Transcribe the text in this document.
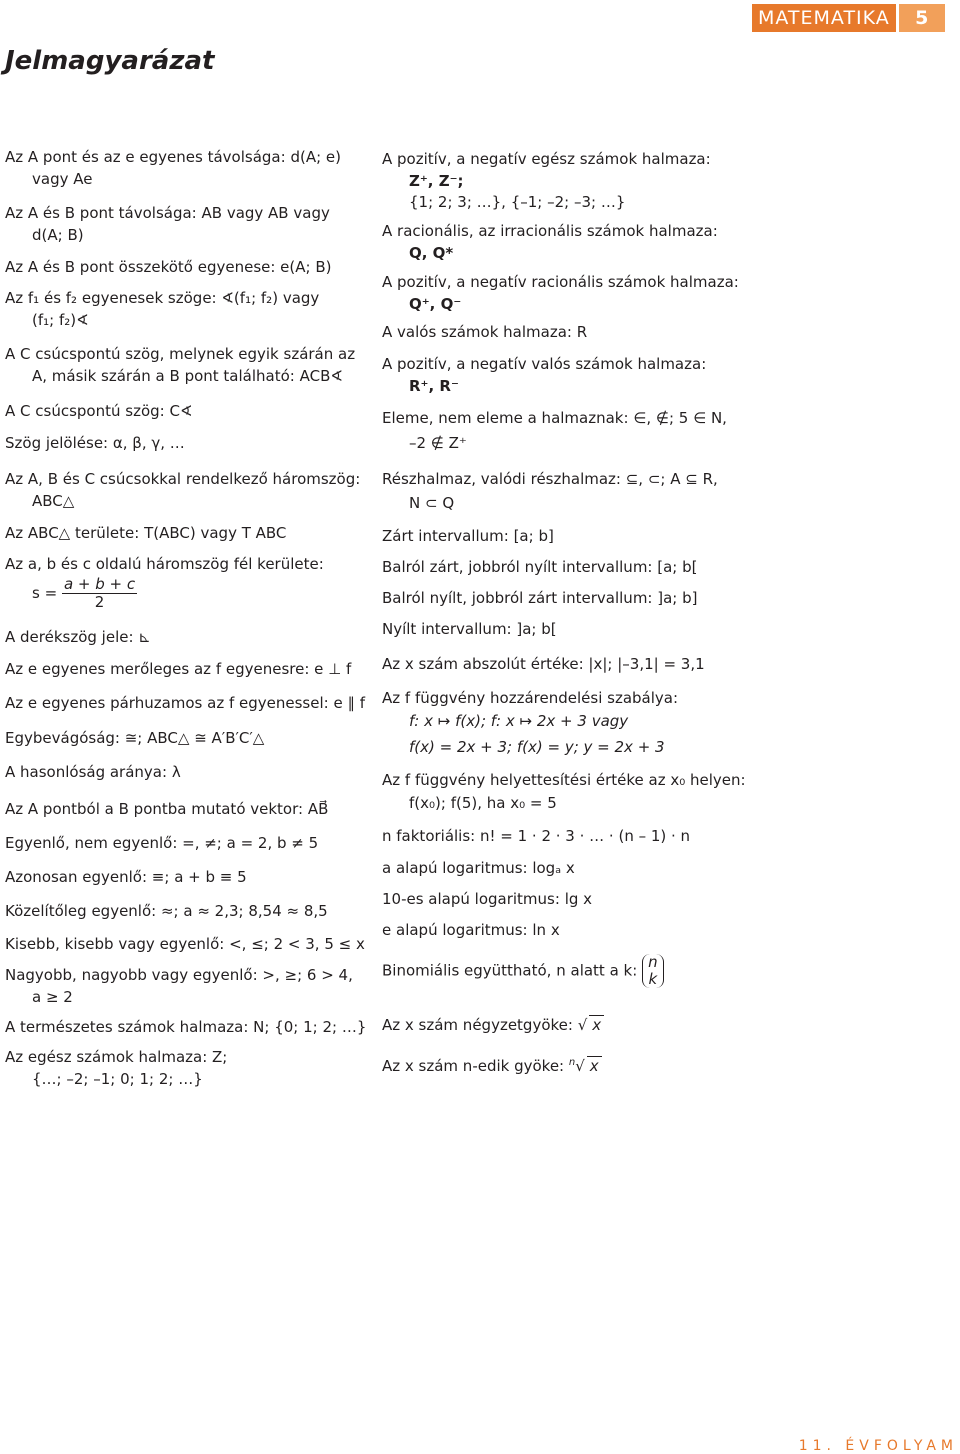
MATEMATIKA	5
Jelmagyarázat
Az A pont és az e egyenes távolsága: d(A; e)
vagy Ae
Az A és B pont távolsága: AB vagy AB vagy
d(A; B)
Az A és B pont összekötő egyenese: e(A; B)
Az f₁ és f₂ egyenesek szöge: ∢(f₁; f₂) vagy
(f₁; f₂)∢
A C csúcspontú szög, melynek egyik szárán az
A, másik szárán a B pont található: ACB∢
A C csúcspontú szög: C∢
Szög jelölése: α, β, γ, …
Az A, B és C csúcsokkal rendelkező háromszög:
ABC△
Az ABC△ területe: T(ABC) vagy T ABC
Az a, b és c oldalú háromszög fél kerülete:
$s = \frac{a + b + c}{2}$
A derékszög jele: ⊾
Az e egyenes merőleges az f egyenesre: e ⊥ f
Az e egyenes párhuzamos az f egyenessel: e ∥ f
Egybevágóság: ≅; ABC△ ≅ A′B′C′△
A hasonlóság aránya: λ
Az A pontból a B pontba mutató vektor: AB⃗
Egyenlő, nem egyenlő: =, ≠; a = 2, b ≠ 5
Azonosan egyenlő: ≡; a + b ≡ 5
Közelítőleg egyenlő: ≈; a ≈ 2,3; 8,54 ≈ 8,5
Kisebb, kisebb vagy egyenlő: <, ≤; 2 < 3, 5 ≤ x
Nagyobb, nagyobb vagy egyenlő: >, ≥; 6 > 4,
a ≥ 2
A természetes számok halmaza: N; {0; 1; 2; …}
Az egész számok halmaza: Z;
{…; –2; –1; 0; 1; 2; …}
A pozitív, a negatív egész számok halmaza:
Z⁺, Z⁻;
{1; 2; 3; …}, {–1; –2; –3; …}
A racionális, az irracionális számok halmaza:
Q, Q*
A pozitív, a negatív racionális számok halmaza:
Q⁺, Q⁻
A valós számok halmaza: R
A pozitív, a negatív valós számok halmaza:
R⁺, R⁻
Eleme, nem eleme a halmaznak: ∈, ∉; 5 ∈ N,
–2 ∉ Z⁺
Részhalmaz, valódi részhalmaz: ⊆, ⊂; A ⊆ R,
N ⊂ Q
Zárt intervallum: [a; b]
Balról zárt, jobbról nyílt intervallum: [a; b[
Balról nyílt, jobbról zárt intervallum: ]a; b]
Nyílt intervallum: ]a; b[
Az x szám abszolút értéke: |x|; |–3,1| = 3,1
Az f függvény hozzárendelési szabálya:
f: x ↦ f(x); f: x ↦ 2x + 3 vagy
f(x) = 2x + 3; f(x) = y; y = 2x + 3
Az f függvény helyettesítési értéke az x₀ helyen:
f(x₀); f(5), ha x₀ = 5
n faktoriális: n! = 1 · 2 · 3 · … · (n – 1) · n
a alapú logaritmus: logₐ x
10-es alapú logaritmus: lg x
e alapú logaritmus: ln x
Binomiális együttható, n alatt a k: n
k
Az x szám négyzetgyöke: √ x
Az x szám n-edik gyöke: $^n$√ x
11. ÉVFOLYAM
